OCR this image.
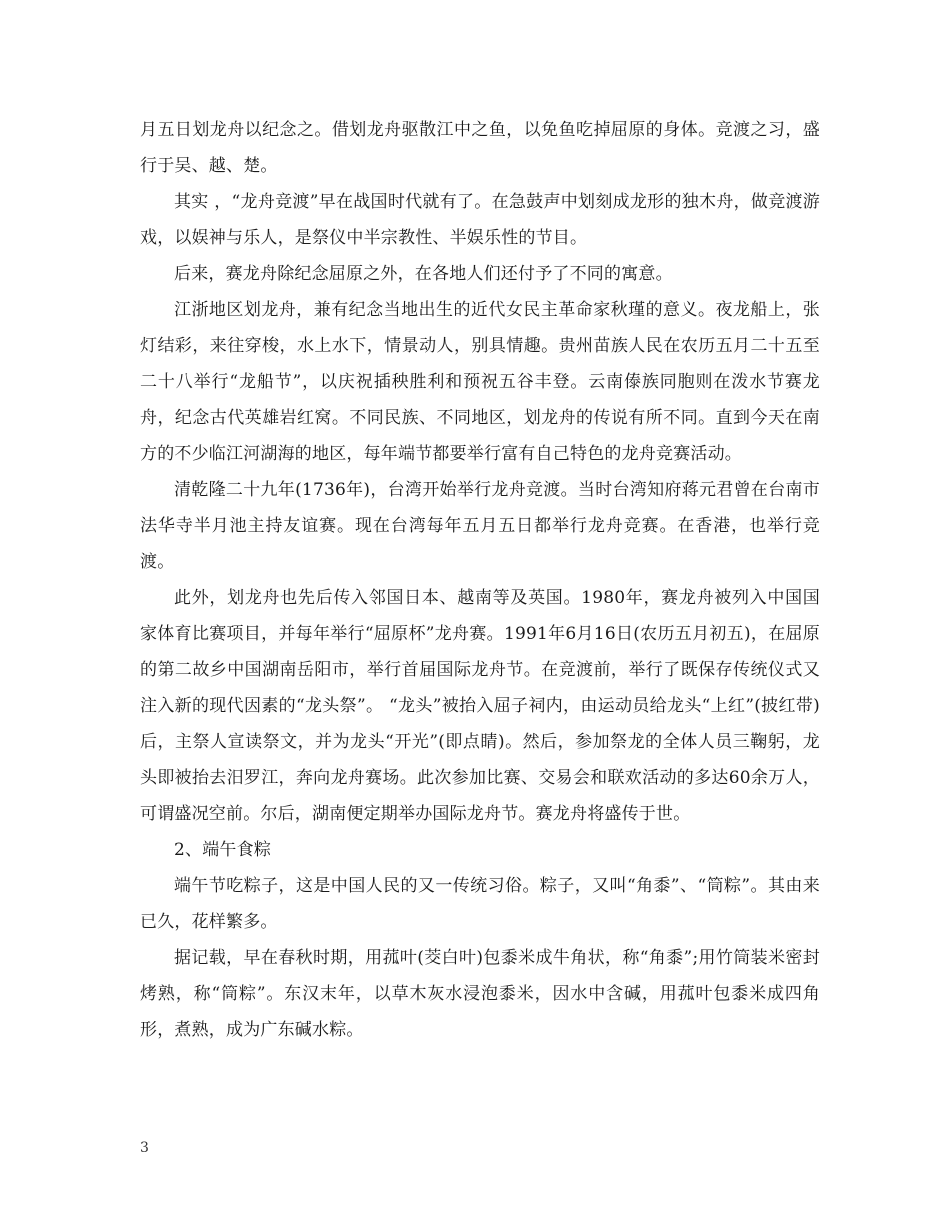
月五日划龙舟以纪念之。借划龙舟驱散江中之鱼，以免鱼吃掉屈原的身体。竞渡之习，盛行于吴、越、楚。

其实 ，“龙舟竞渡”早在战国时代就有了。在急鼓声中划刻成龙形的独木舟，做竞渡游戏，以娱神与乐人，是祭仪中半宗教性、半娱乐性的节目。

后来，赛龙舟除纪念屈原之外，在各地人们还付予了不同的寓意。

江浙地区划龙舟，兼有纪念当地出生的近代女民主革命家秋瑾的意义。夜龙船上，张灯结彩，来往穿梭，水上水下，情景动人，别具情趣。贵州苗族人民在农历五月二十五至二十八举行“龙船节”，以庆祝插秧胜利和预祝五谷丰登。云南傣族同胞则在泼水节赛龙舟，纪念古代英雄岩红窝。不同民族、不同地区，划龙舟的传说有所不同。直到今天在南方的不少临江河湖海的地区，每年端节都要举行富有自己特色的龙舟竞赛活动。

清乾隆二十九年(1736年)，台湾开始举行龙舟竞渡。当时台湾知府蒋元君曾在台南市法华寺半月池主持友谊赛。现在台湾每年五月五日都举行龙舟竞赛。在香港，也举行竞渡。

此外，划龙舟也先后传入邻国日本、越南等及英国。1980年，赛龙舟被列入中国国家体育比赛项目，并每年举行“屈原杯”龙舟赛。1991年6月16日(农历五月初五)，在屈原的第二故乡中国湖南岳阳市，举行首届国际龙舟节。在竞渡前，举行了既保存传统仪式又注入新的现代因素的“龙头祭”。 “龙头”被抬入屈子祠内，由运动员给龙头“上红”(披红带)后，主祭人宣读祭文，并为龙头“开光”(即点睛)。然后，参加祭龙的全体人员三鞠躬，龙头即被抬去汨罗江，奔向龙舟赛场。此次参加比赛、交易会和联欢活动的多达60余万人，可谓盛况空前。尔后，湖南便定期举办国际龙舟节。赛龙舟将盛传于世。

2、端午食粽

端午节吃粽子，这是中国人民的又一传统习俗。粽子，又叫“角黍”、“筒粽”。其由来已久，花样繁多。

据记载，早在春秋时期，用菰叶(茭白叶)包黍米成牛角状，称“角黍”;用竹筒装米密封烤熟，称“筒粽”。东汉末年，以草木灰水浸泡黍米，因水中含碱，用菰叶包黍米成四角形，煮熟，成为广东碱水粽。

3
